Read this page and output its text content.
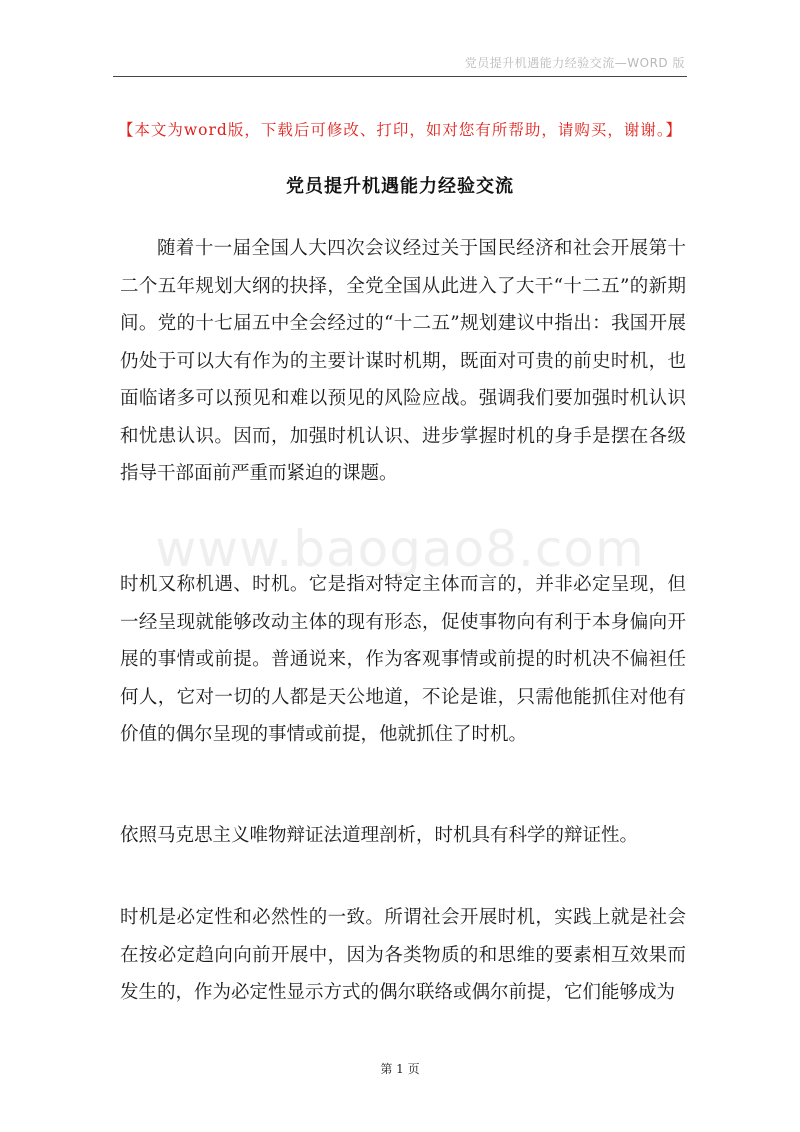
党员提升机遇能力经验交流—WORD 版
【本文为word版，下载后可修改、打印，如对您有所帮助，请购买，谢谢。】
党员提升机遇能力经验交流
www.baogao8.com
随着十一届全国人大四次会议经过关于国民经济和社会开展第十二个五年规划大纲的抉择，全党全国从此进入了大干“十二五”的新期间。党的十七届五中全会经过的“十二五”规划建议中指出：我国开展仍处于可以大有作为的主要计谋时机期，既面对可贵的前史时机，也面临诸多可以预见和难以预见的风险应战。强调我们要加强时机认识和忧患认识。因而，加强时机认识、进步掌握时机的身手是摆在各级指导干部面前严重而紧迫的课题。
时机又称机遇、时机。它是指对特定主体而言的，并非必定呈现，但一经呈现就能够改动主体的现有形态，促使事物向有利于本身偏向开展的事情或前提。普通说来，作为客观事情或前提的时机决不偏袒任何人，它对一切的人都是天公地道，不论是谁，只需他能抓住对他有价值的偶尔呈现的事情或前提，他就抓住了时机。
依照马克思主义唯物辩证法道理剖析，时机具有科学的辩证性。
时机是必定性和必然性的一致。所谓社会开展时机，实践上就是社会在按必定趋向向前开展中，因为各类物质的和思维的要素相互效果而发生的，作为必定性显示方式的偶尔联络或偶尔前提，它们能够成为
第 1 页
